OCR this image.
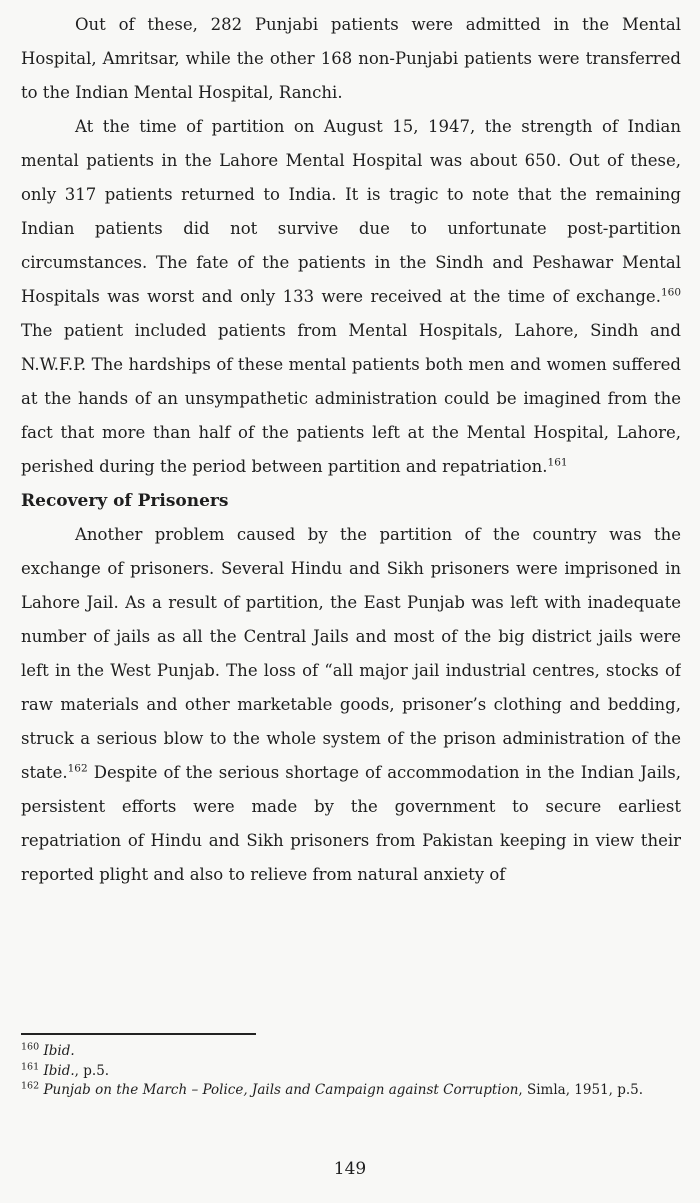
Out of these, 282 Punjabi patients were admitted in the Mental Hospital, Amritsar, while the other 168 non-Punjabi patients were transferred to the Indian Mental Hospital, Ranchi.

At the time of partition on August 15, 1947, the strength of Indian mental patients in the Lahore Mental Hospital was about 650. Out of these, only 317 patients returned to India. It is tragic to note that the remaining Indian patients did not survive due to unfortunate post-partition circumstances. The fate of the patients in the Sindh and Peshawar Mental Hospitals was worst and only 133 were received at the time of exchange.$^{160}$ The patient included patients from Mental Hospitals, Lahore, Sindh and N.W.F.P. The hardships of these mental patients both men and women suffered at the hands of an unsympathetic administration could be imagined from the fact that more than half of the patients left at the Mental Hospital, Lahore, perished during the period between partition and repatriation.$^{161}$

Recovery of Prisoners

Another problem caused by the partition of the country was the exchange of prisoners. Several Hindu and Sikh prisoners were imprisoned in Lahore Jail. As a result of partition, the East Punjab was left with inadequate number of jails as all the Central Jails and most of the big district jails were left in the West Punjab. The loss of “all major jail industrial centres, stocks of raw materials and other marketable goods, prisoner’s clothing and bedding, struck a serious blow to the whole system of the prison administration of the state.$^{162}$ Despite of the serious shortage of accommodation in the Indian Jails, persistent efforts were made by the government to secure earliest repatriation of Hindu and Sikh prisoners from Pakistan keeping in view their reported plight and also to relieve from natural anxiety of

$^{160}$ Ibid.

$^{161}$ Ibid., p.5.

$^{162}$ Punjab on the March – Police, Jails and Campaign against Corruption, Simla, 1951, p.5.

149
